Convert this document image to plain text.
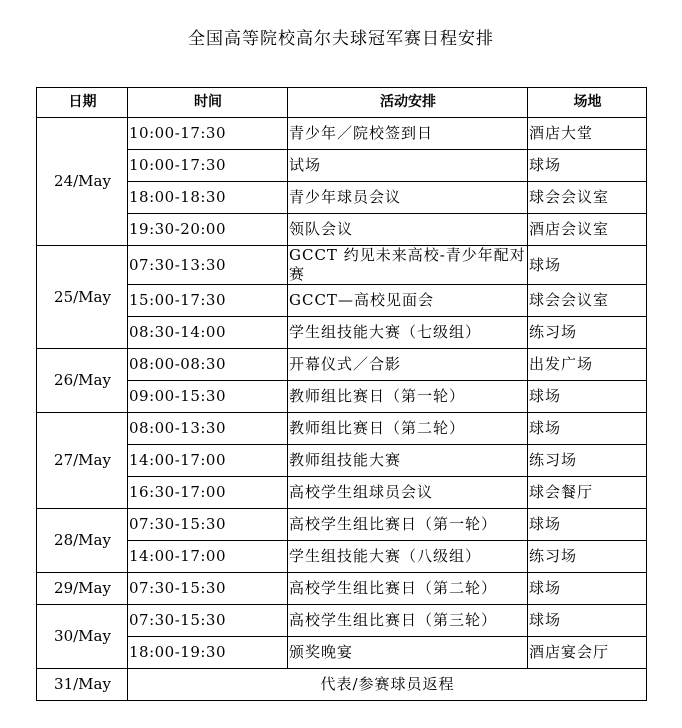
全国高等院校高尔夫球冠军赛日程安排
日期	时间	活动安排	场地
24/May	10:00-17:30	青少年／院校签到日	酒店大堂
	10:00-17:30	试场	球场
	18:00-18:30	青少年球员会议	球会会议室
	19:30-20:00	领队会议	酒店会议室
25/May	07:30-13:30	GCCT 约见未来高校-青少年配对赛	球场
	15:00-17:30	GCCT—高校见面会	球会会议室
	08:30-14:00	学生组技能大赛（七级组）	练习场
26/May	08:00-08:30	开幕仪式／合影	出发广场
	09:00-15:30	教师组比赛日（第一轮）	球场
27/May	08:00-13:30	教师组比赛日（第二轮）	球场
	14:00-17:00	教师组技能大赛	练习场
	16:30-17:00	高校学生组球员会议	球会餐厅
28/May	07:30-15:30	高校学生组比赛日（第一轮）	球场
	14:00-17:00	学生组技能大赛（八级组）	练习场
29/May	07:30-15:30	高校学生组比赛日（第二轮）	球场
30/May	07:30-15:30	高校学生组比赛日（第三轮）	球场
	18:00-19:30	颁奖晚宴	酒店宴会厅
31/May	代表/参赛球员返程		
